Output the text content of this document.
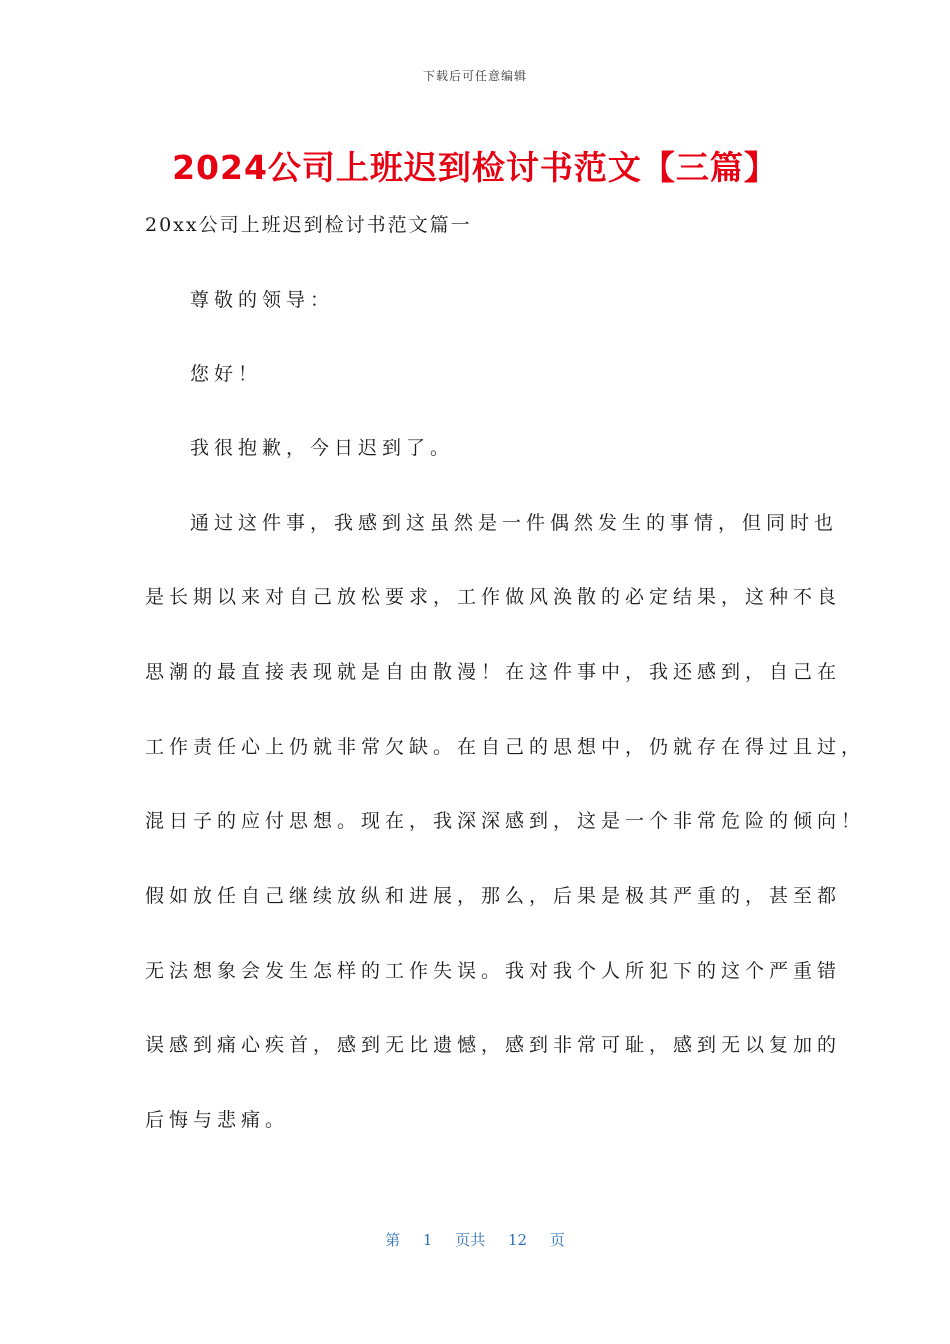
下载后可任意编辑
2024公司上班迟到检讨书范文【三篇】
20xx公司上班迟到检讨书范文篇一
尊敬的领导：
您好！
我很抱歉，今日迟到了。
通过这件事，我感到这虽然是一件偶然发生的事情，但同时也
是长期以来对自己放松要求，工作做风涣散的必定结果，这种不良
思潮的最直接表现就是自由散漫！在这件事中，我还感到，自己在
工作责任心上仍就非常欠缺。在自己的思想中，仍就存在得过且过，
混日子的应付思想。现在，我深深感到，这是一个非常危险的倾向！
假如放任自己继续放纵和进展，那么，后果是极其严重的，甚至都
无法想象会发生怎样的工作失误。我对我个人所犯下的这个严重错
误感到痛心疾首，感到无比遗憾，感到非常可耻，感到无以复加的
后悔与悲痛。
第 1 页共 12 页
